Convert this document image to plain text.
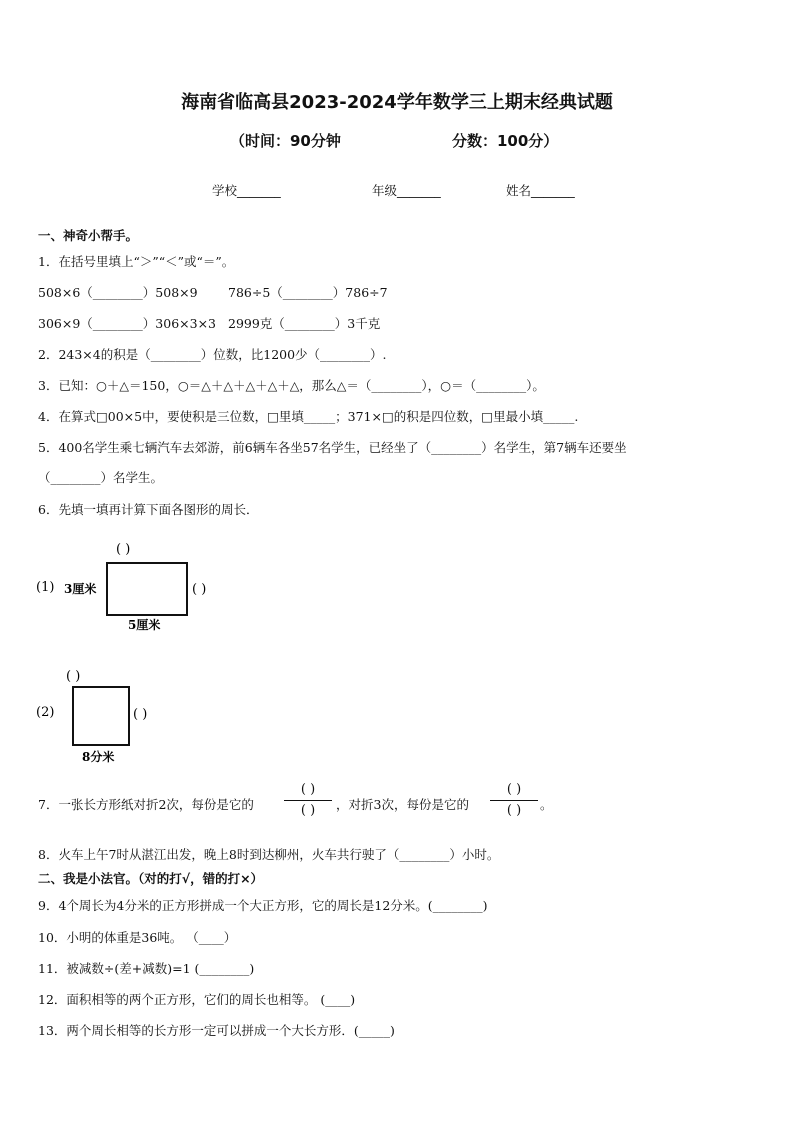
海南省临高县2023-2024学年数学三上期末经典试题
（时间：90分钟	分数：100分）
学校_______	年级_______	姓名_______
一、神奇小帮手。
1．在括号里填上“＞”“＜”或“＝”。
508×6（________）508×9 786÷5（________）786÷7
306×9（________）306×3×3 2999克（________）3千克
2．243×4的积是（________）位数，比1200少（________）.
3．已知：○＋△＝150，○＝△＋△＋△＋△＋△，那么△＝（________），○＝（________）。
4．在算式□00×5中，要使积是三位数，□里填_____；371×□的积是四位数，□里最小填_____.
5．400名学生乘七辆汽车去郊游，前6辆车各坐57名学生，已经坐了（________）名学生，第7辆车还要坐
（________）名学生。
6．先填一填再计算下面各图形的周长．
(1) 3厘米
( )
( )
5厘米
(2)
( )
( )
8分米
7．一张长方形纸对折2次，每份是它的
( )
( )	，对折3次，每份是它的
( )
( )	。
8．火车上午7时从湛江出发，晚上8时到达柳州，火车共行驶了（________）小时。
二、我是小法官。（对的打√，错的打×）
9．4个周长为4分米的正方形拼成一个大正方形，它的周长是12分米。(________)
10．小明的体重是36吨。 （____）
11．被减数÷(差+减数)=1 (________)
12．面积相等的两个正方形，它们的周长也相等。 (____)
13．两个周长相等的长方形一定可以拼成一个大长方形．(_____)
